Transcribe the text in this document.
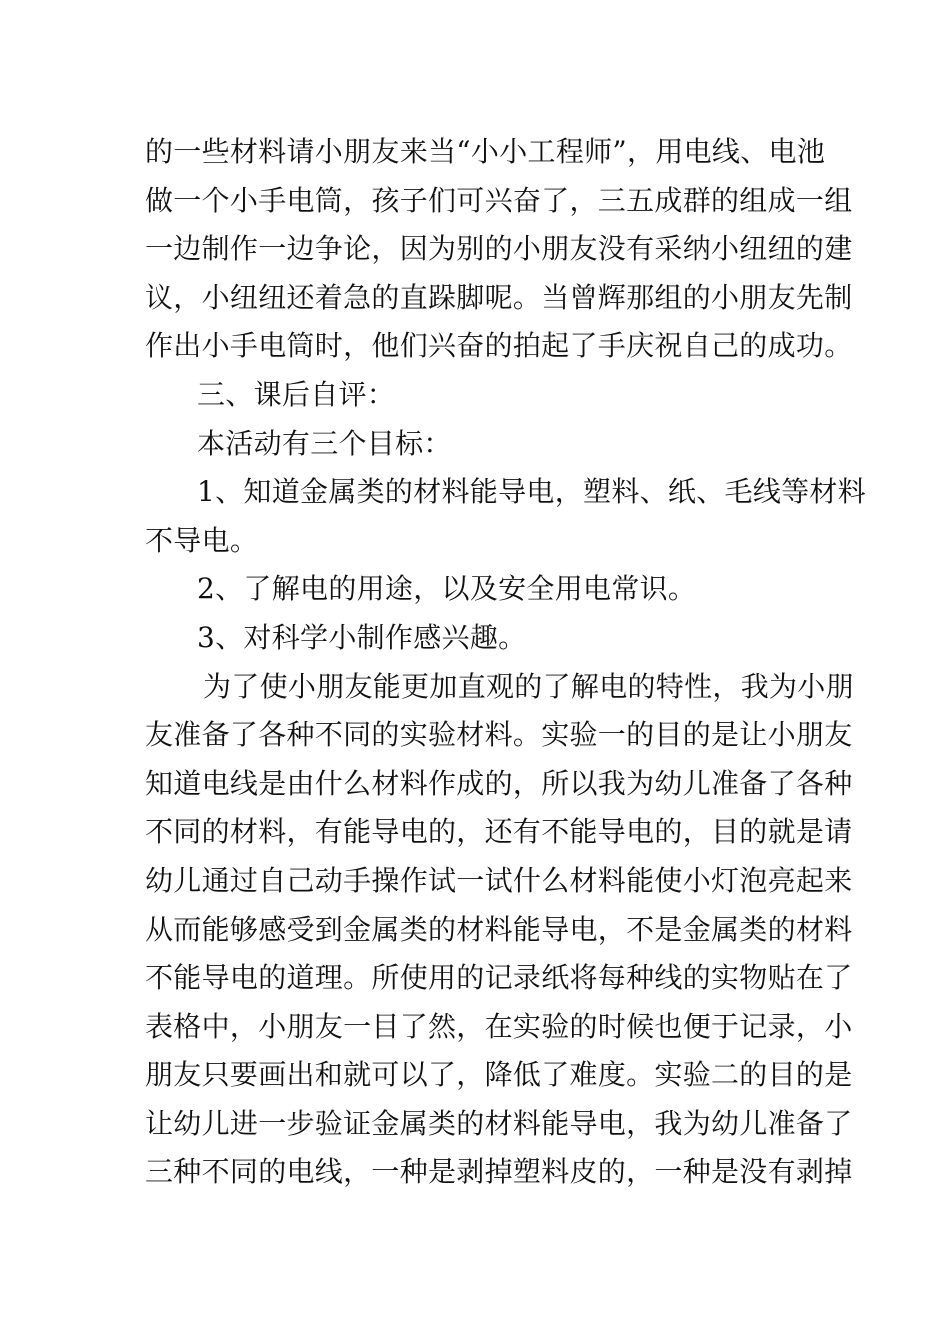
的一些材料请小朋友来当“小小工程师”，用电线、电池
做一个小手电筒，孩子们可兴奋了，三五成群的组成一组
一边制作一边争论，因为别的小朋友没有采纳小纽纽的建
议，小纽纽还着急的直跺脚呢。当曾辉那组的小朋友先制
作出小手电筒时，他们兴奋的拍起了手庆祝自己的成功。
三、课后自评：
本活动有三个目标：
1、知道金属类的材料能导电，塑料、纸、毛线等材料
不导电。
2、了解电的用途，以及安全用电常识。
3、对科学小制作感兴趣。
为了使小朋友能更加直观的了解电的特性，我为小朋
友准备了各种不同的实验材料。实验一的目的是让小朋友
知道电线是由什么材料作成的，所以我为幼儿准备了各种
不同的材料，有能导电的，还有不能导电的，目的就是请
幼儿通过自己动手操作试一试什么材料能使小灯泡亮起来
从而能够感受到金属类的材料能导电，不是金属类的材料
不能导电的道理。所使用的记录纸将每种线的实物贴在了
表格中，小朋友一目了然，在实验的时候也便于记录，小
朋友只要画出和就可以了，降低了难度。实验二的目的是
让幼儿进一步验证金属类的材料能导电，我为幼儿准备了
三种不同的电线，一种是剥掉塑料皮的，一种是没有剥掉
